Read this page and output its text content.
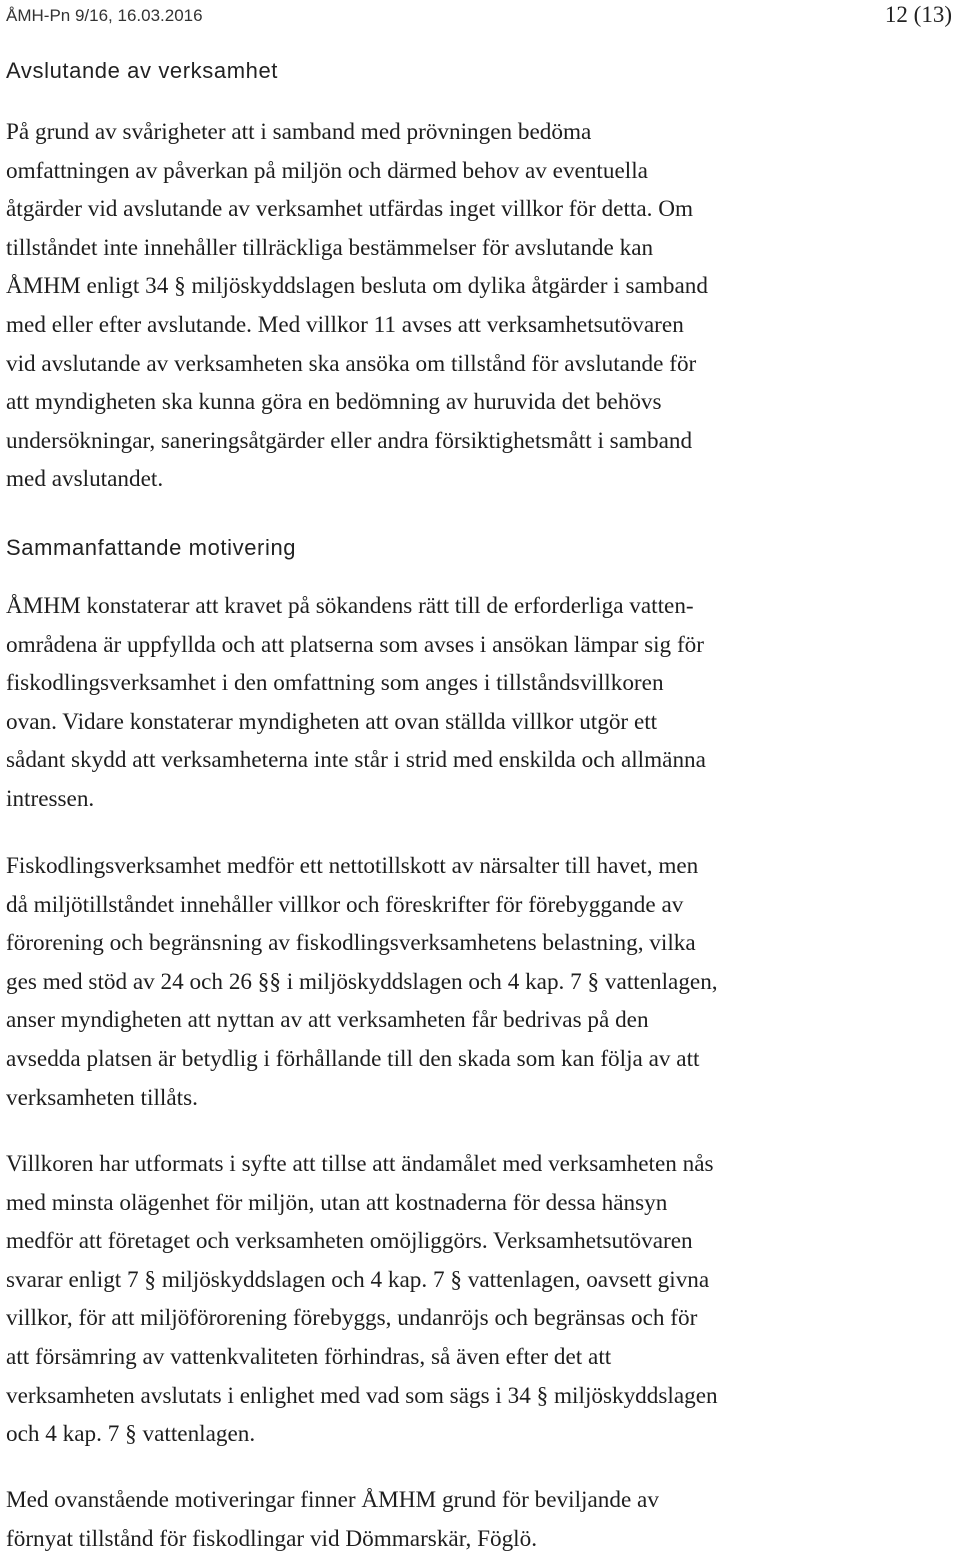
ÅMH-Pn 9/16, 16.03.2016	12 (13)
Avslutande av verksamhet
På grund av svårigheter att i samband med prövningen bedöma
omfattningen av påverkan på miljön och därmed behov av eventuella
åtgärder vid avslutande av verksamhet utfärdas inget villkor för detta. Om
tillståndet inte innehåller tillräckliga bestämmelser för avslutande kan
ÅMHM enligt 34 § miljöskyddslagen besluta om dylika åtgärder i samband
med eller efter avslutande. Med villkor 11 avses att verksamhetsutövaren
vid avslutande av verksamheten ska ansöka om tillstånd för avslutande för
att myndigheten ska kunna göra en bedömning av huruvida det behövs
undersökningar, saneringsåtgärder eller andra försiktighetsmått i samband
med avslutandet.
Sammanfattande motivering
ÅMHM konstaterar att kravet på sökandens rätt till de erforderliga vatten-
områdena är uppfyllda och att platserna som avses i ansökan lämpar sig för
fiskodlingsverksamhet i den omfattning som anges i tillståndsvillkoren
ovan. Vidare konstaterar myndigheten att ovan ställda villkor utgör ett
sådant skydd att verksamheterna inte står i strid med enskilda och allmänna
intressen.
Fiskodlingsverksamhet medför ett nettotillskott av närsalter till havet, men
då miljötillståndet innehåller villkor och föreskrifter för förebyggande av
förorening och begränsning av fiskodlingsverksamhetens belastning, vilka
ges med stöd av 24 och 26 §§ i miljöskyddslagen och 4 kap. 7 § vattenlagen,
anser myndigheten att nyttan av att verksamheten får bedrivas på den
avsedda platsen är betydlig i förhållande till den skada som kan följa av att
verksamheten tillåts.
Villkoren har utformats i syfte att tillse att ändamålet med verksamheten nås
med minsta olägenhet för miljön, utan att kostnaderna för dessa hänsyn
medför att företaget och verksamheten omöjliggörs. Verksamhetsutövaren
svarar enligt 7 § miljöskyddslagen och 4 kap. 7 § vattenlagen, oavsett givna
villkor, för att miljöförorening förebyggs, undanröjs och begränsas och för
att försämring av vattenkvaliteten förhindras, så även efter det att
verksamheten avslutats i enlighet med vad som sägs i 34 § miljöskyddslagen
och 4 kap. 7 § vattenlagen.
Med ovanstående motiveringar finner ÅMHM grund för beviljande av
förnyat tillstånd för fiskodlingar vid Dömmarskär, Föglö.
